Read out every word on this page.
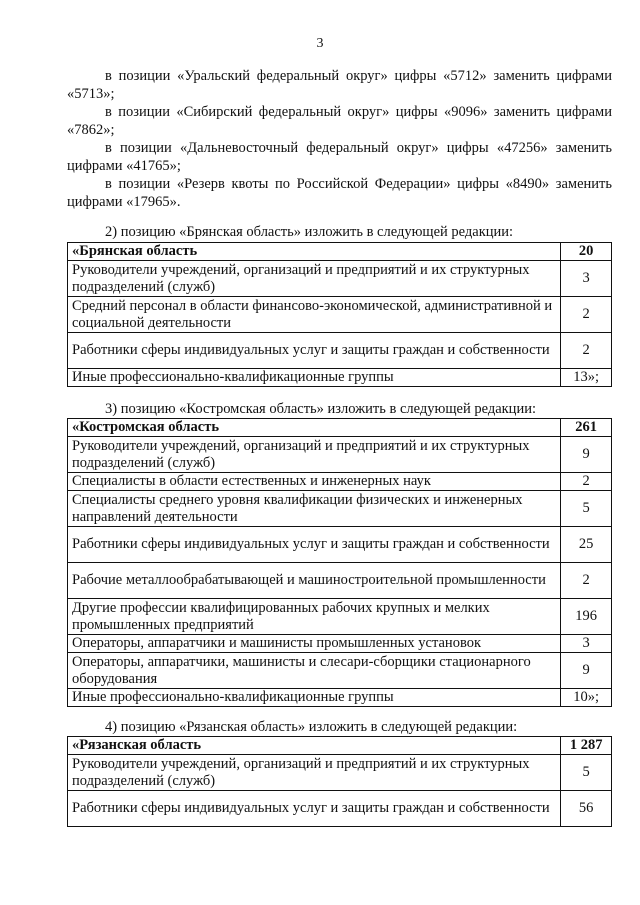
3

в позиции «Уральский федеральный округ» цифры «5712» заменить цифрами «5713»;

в позиции «Сибирский федеральный округ» цифры «9096» заменить цифрами «7862»;

в позиции «Дальневосточный федеральный округ» цифры «47256» заменить цифрами «41765»;

в позиции «Резерв квоты по Российской Федерации» цифры «8490» заменить цифрами «17965».

2) позицию «Брянская область» изложить в следующей редакции:
«Брянская область	20
Руководители учреждений, организаций и предприятий и их структурных подразделений (служб)	3
Средний персонал в области финансово-экономической, административной и социальной деятельности	2
Работники сферы индивидуальных услуг и защиты граждан и собственности	2
Иные профессионально-квалификационные группы	13»;
3) позицию «Костромская область» изложить в следующей редакции:
«Костромская область	261
Руководители учреждений, организаций и предприятий и их структурных подразделений (служб)	9
Специалисты в области естественных и инженерных наук	2
Специалисты среднего уровня квалификации физических и инженерных направлений деятельности	5
Работники сферы индивидуальных услуг и защиты граждан и собственности	25
Рабочие металлообрабатывающей и машиностроительной промышленности	2
Другие профессии квалифицированных рабочих крупных и мелких промышленных предприятий	196
Операторы, аппаратчики и машинисты промышленных установок	3
Операторы, аппаратчики, машинисты и слесари-сборщики стационарного оборудования	9
Иные профессионально-квалификационные группы	10»;
4) позицию «Рязанская область» изложить в следующей редакции:
«Рязанская область	1 287
Руководители учреждений, организаций и предприятий и их структурных подразделений (служб)	5
Работники сферы индивидуальных услуг и защиты граждан и собственности	56
